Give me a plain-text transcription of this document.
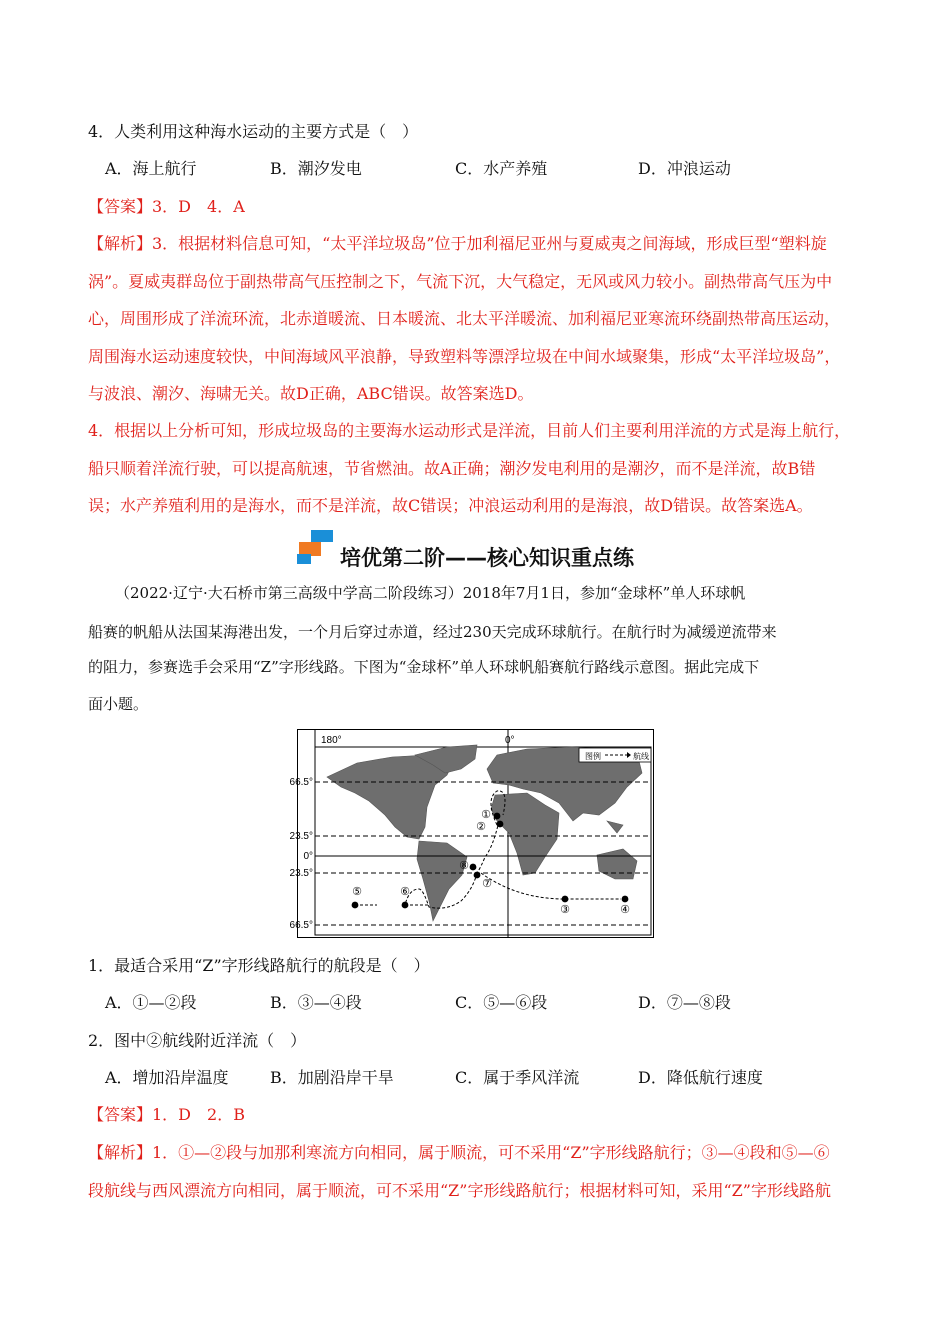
4．人类利用这种海水运动的主要方式是（　）
A．海上航行	B．潮汐发电	C．水产养殖	D．冲浪运动
【答案】3．D　4．A
【解析】3．根据材料信息可知，“太平洋垃圾岛”位于加利福尼亚州与夏威夷之间海域，形成巨型“塑料旋
涡”。夏威夷群岛位于副热带高气压控制之下，气流下沉，大气稳定，无风或风力较小。副热带高气压为中
心，周围形成了洋流环流，北赤道暖流、日本暖流、北太平洋暖流、加利福尼亚寒流环绕副热带高压运动，
周围海水运动速度较快，中间海域风平浪静，导致塑料等漂浮垃圾在中间水域聚集，形成“太平洋垃圾岛”，
与波浪、潮汐、海啸无关。故D正确，ABC错误。故答案选D。
4．根据以上分析可知，形成垃圾岛的主要海水运动形式是洋流，目前人们主要利用洋流的方式是海上航行，
船只顺着洋流行驶，可以提高航速，节省燃油。故A正确；潮汐发电利用的是潮汐，而不是洋流，故B错
误；水产养殖利用的是海水，而不是洋流，故C错误；冲浪运动利用的是海浪，故D错误。故答案选A。
培优第二阶——核心知识重点练
（2022·辽宁·大石桥市第三高级中学高二阶段练习）2018年7月1日，参加“金球杯”单人环球帆
船赛的帆船从法国某海港出发，一个月后穿过赤道，经过230天完成环球航行。在航行时为减缓逆流带来
的阻力，参赛选手会采用“Z”字形线路。下图为“金球杯”单人环球帆船赛航行路线示意图。据此完成下
面小题。
180°	0°
66.5°
23.5°
0°
23.5°
66.5°
图例	航线
①
②
③	④
⑤	⑥
⑦
⑧
1．最适合采用“Z”字形线路航行的航段是（　）
A．①—②段	B．③—④段	C．⑤—⑥段	D．⑦—⑧段
2．图中②航线附近洋流（　）
A．增加沿岸温度	B．加剧沿岸干旱	C．属于季风洋流	D．降低航行速度
【答案】1．D　2．B
【解析】1．①—②段与加那利寒流方向相同，属于顺流，可不采用“Z”字形线路航行；③—④段和⑤—⑥
段航线与西风漂流方向相同，属于顺流，可不采用“Z”字形线路航行；根据材料可知，采用“Z”字形线路航
